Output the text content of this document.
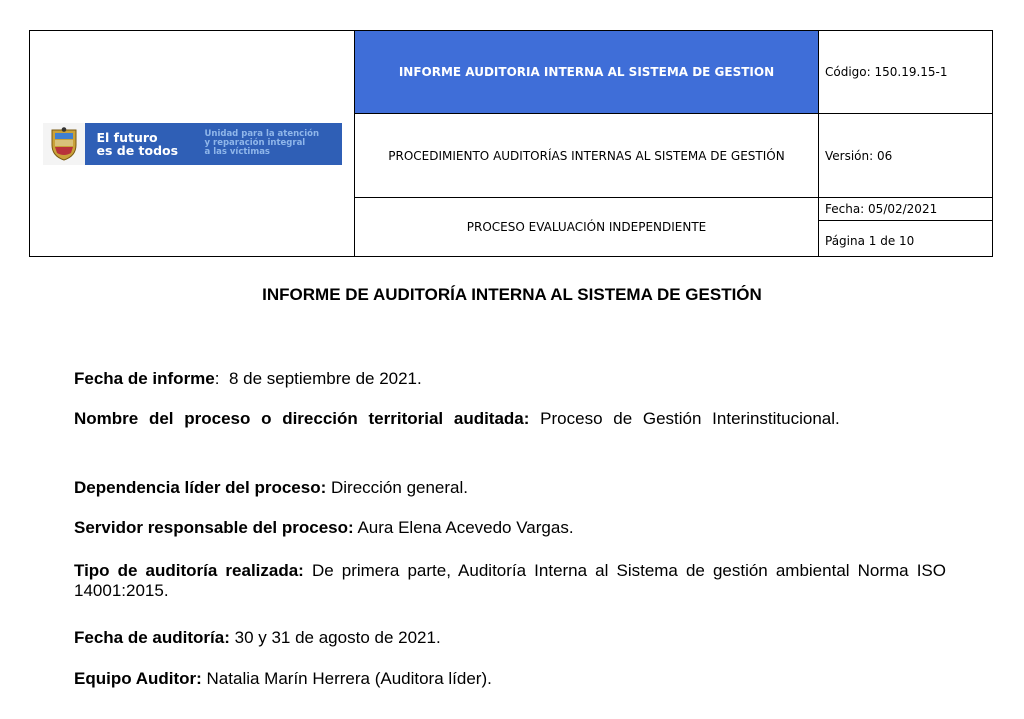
El futuro
es de todos
Unidad para la atención
y reparación integral
a las víctimas
INFORME AUDITORIA INTERNA AL SISTEMA DE GESTION
PROCEDIMIENTO AUDITORÍAS INTERNAS AL SISTEMA DE GESTIÓN
PROCESO EVALUACIÓN INDEPENDIENTE
Código: 150.19.15-1
Versión: 06
Fecha: 05/02/2021
Página 1 de 10
INFORME DE AUDITORÍA INTERNA AL SISTEMA DE GESTIÓN
Fecha de informe:  8 de septiembre de 2021.
Nombre del proceso o dirección territorial auditada: Proceso de Gestión Interinstitucional.
Dependencia líder del proceso: Dirección general.
Servidor responsable del proceso: Aura Elena Acevedo Vargas.
Tipo de auditoría realizada: De primera parte, Auditoría Interna al Sistema de gestión ambiental Norma ISO 14001:2015.
Fecha de auditoría: 30 y 31 de agosto de 2021.
Equipo Auditor: Natalia Marín Herrera (Auditora líder).
